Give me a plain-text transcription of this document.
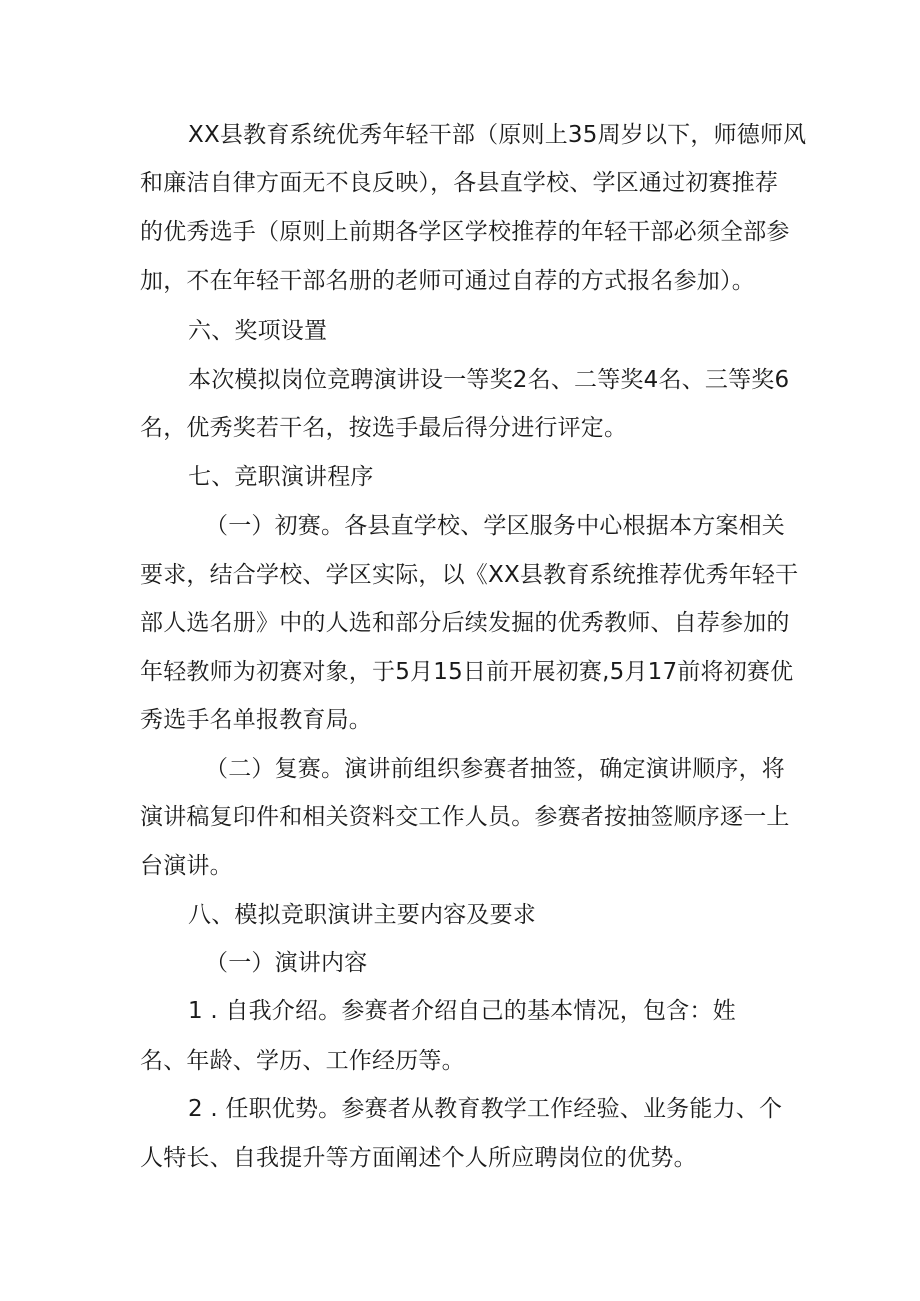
XX县教育系统优秀年轻干部（原则上35周岁以下，师德师风
和廉洁自律方面无不良反映），各县直学校、学区通过初赛推荐
的优秀选手（原则上前期各学区学校推荐的年轻干部必须全部参
加，不在年轻干部名册的老师可通过自荐的方式报名参加）。
六、奖项设置
本次模拟岗位竞聘演讲设一等奖2名、二等奖4名、三等奖6
名，优秀奖若干名，按选手最后得分进行评定。
七、竞职演讲程序
（一）初赛。各县直学校、学区服务中心根据本方案相关
要求，结合学校、学区实际，以《XX县教育系统推荐优秀年轻干
部人选名册》中的人选和部分后续发掘的优秀教师、自荐参加的
年轻教师为初赛对象，于5月15日前开展初赛,5月17前将初赛优
秀选手名单报教育局。
（二）复赛。演讲前组织参赛者抽签，确定演讲顺序，将
演讲稿复印件和相关资料交工作人员。参赛者按抽签顺序逐一上
台演讲。
八、模拟竞职演讲主要内容及要求
（一）演讲内容
1 . 自我介绍。参赛者介绍自己的基本情况，包含：姓
名、年龄、学历、工作经历等。
2 . 任职优势。参赛者从教育教学工作经验、业务能力、个
人特长、自我提升等方面阐述个人所应聘岗位的优势。
